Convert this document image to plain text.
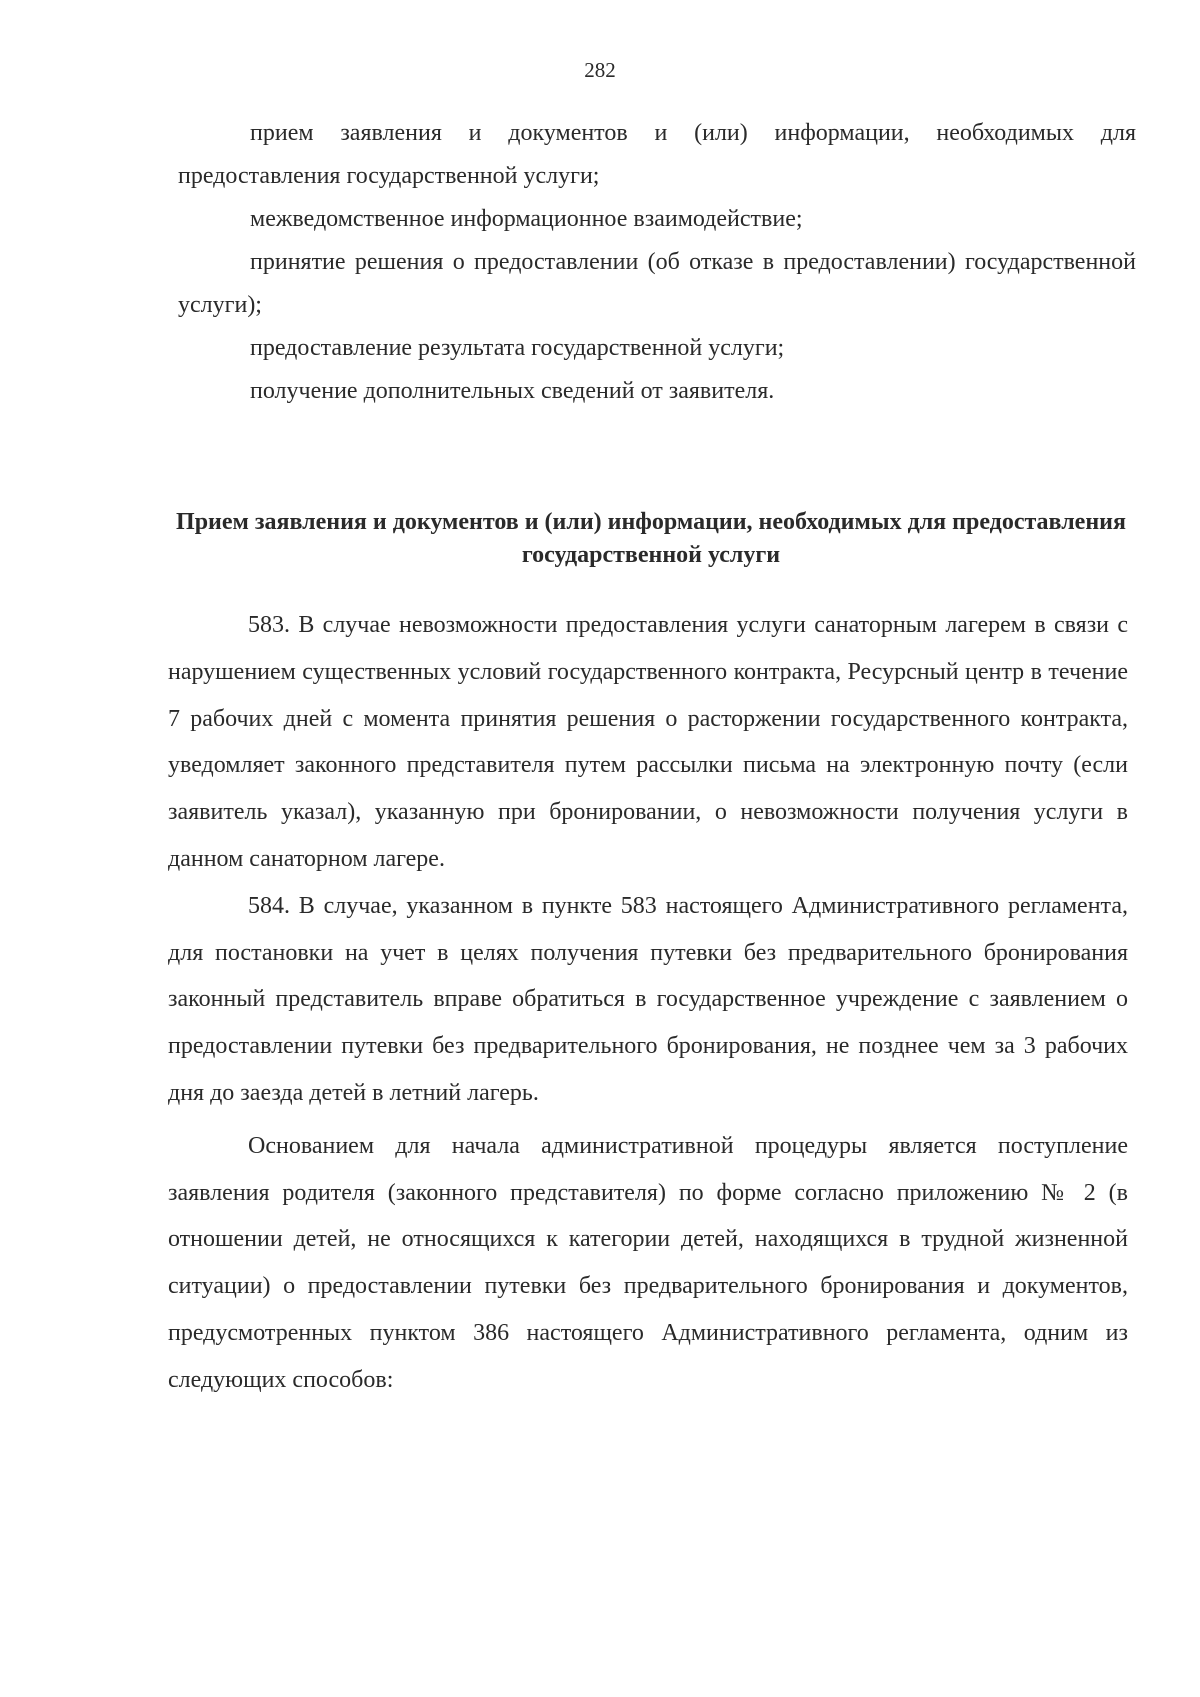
282

прием заявления и документов и (или) информации, необходимых для предоставления государственной услуги;

межведомственное информационное взаимодействие;

принятие решения о предоставлении (об отказе в предоставлении) государственной услуги);

предоставление результата государственной услуги;

получение дополнительных сведений от заявителя.

Прием заявления и документов и (или) информации, необходимых для предоставления государственной услуги

583. В случае невозможности предоставления услуги санаторным лагерем в связи с нарушением существенных условий государственного контракта, Ресурсный центр в течение 7 рабочих дней с момента принятия решения о расторжении государственного контракта, уведомляет законного представителя путем рассылки письма на электронную почту (если заявитель указал), указанную при бронировании, о невозможности получения услуги в данном санаторном лагере.

584. В случае, указанном в пункте 583 настоящего Административного регламента, для постановки на учет в целях получения путевки без предварительного бронирования законный представитель вправе обратиться в государственное учреждение с заявлением о предоставлении путевки без предварительного бронирования, не позднее чем за 3 рабочих дня до заезда детей в летний лагерь.

Основанием для начала административной процедуры является поступление заявления родителя (законного представителя) по форме согласно приложению № 2 (в отношении детей, не относящихся к категории детей, находящихся в трудной жизненной ситуации) о предоставлении путевки без предварительного бронирования и документов, предусмотренных пунктом 386 настоящего Административного регламента, одним из следующих способов:
